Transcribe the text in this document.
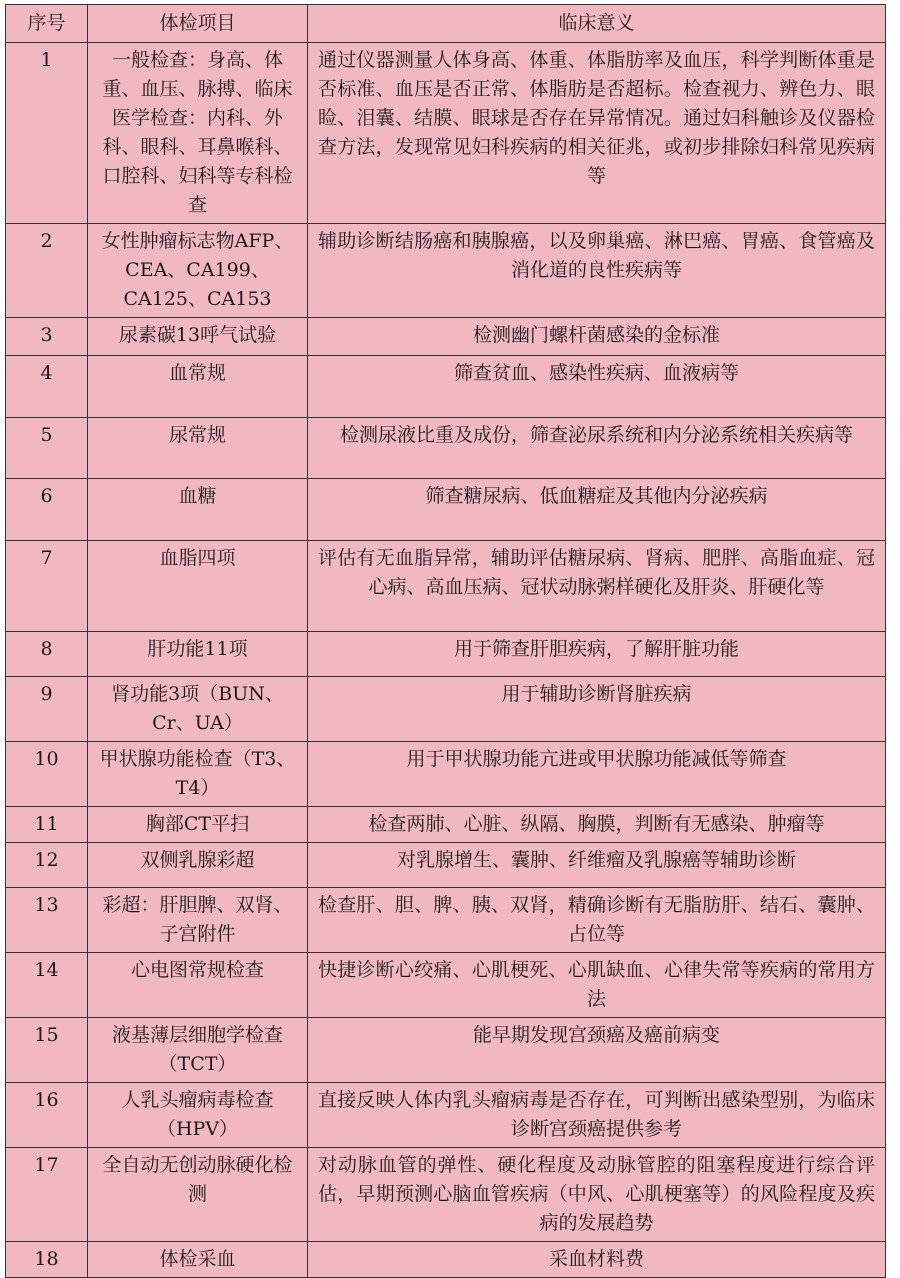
序号	体检项目	临床意义
1	一般检查：身高、体重、血压、脉搏、临床医学检查：内科、外科、眼科、耳鼻喉科、口腔科、妇科等专科检查	通过仪器测量人体身高、体重、体脂肪率及血压，科学判断体重是否标准、血压是否正常、体脂肪是否超标。检查视力、辨色力、眼睑、泪囊、结膜、眼球是否存在异常情况。通过妇科触诊及仪器检查方法，发现常见妇科疾病的相关征兆，或初步排除妇科常见疾病等
2	女性肿瘤标志物AFP、CEA、CA199、CA125、CA153	辅助诊断结肠癌和胰腺癌，以及卵巢癌、淋巴癌、胃癌、食管癌及消化道的良性疾病等
3	尿素碳13呼气试验	检测幽门螺杆菌感染的金标准
4	血常规	筛查贫血、感染性疾病、血液病等
5	尿常规	检测尿液比重及成份，筛查泌尿系统和内分泌系统相关疾病等
6	血糖	筛查糖尿病、低血糖症及其他内分泌疾病
7	血脂四项	评估有无血脂异常，辅助评估糖尿病、肾病、肥胖、高脂血症、冠心病、高血压病、冠状动脉粥样硬化及肝炎、肝硬化等
8	肝功能11项	用于筛查肝胆疾病，了解肝脏功能
9	肾功能3项（BUN、Cr、UA）	用于辅助诊断肾脏疾病
10	甲状腺功能检查（T3、T4）	用于甲状腺功能亢进或甲状腺功能减低等筛查
11	胸部CT平扫	检查两肺、心脏、纵隔、胸膜，判断有无感染、肿瘤等
12	双侧乳腺彩超	对乳腺增生、囊肿、纤维瘤及乳腺癌等辅助诊断
13	彩超：肝胆脾、双肾、子宫附件	检查肝、胆、脾、胰、双肾，精确诊断有无脂肪肝、结石、囊肿、占位等
14	心电图常规检查	快捷诊断心绞痛、心肌梗死、心肌缺血、心律失常等疾病的常用方法
15	液基薄层细胞学检查（TCT）	能早期发现宫颈癌及癌前病变
16	人乳头瘤病毒检查（HPV）	直接反映人体内乳头瘤病毒是否存在，可判断出感染型别，为临床诊断宫颈癌提供参考
17	全自动无创动脉硬化检测	对动脉血管的弹性、硬化程度及动脉管腔的阻塞程度进行综合评估，早期预测心脑血管疾病（中风、心肌梗塞等）的风险程度及疾病的发展趋势
18	体检采血	采血材料费
